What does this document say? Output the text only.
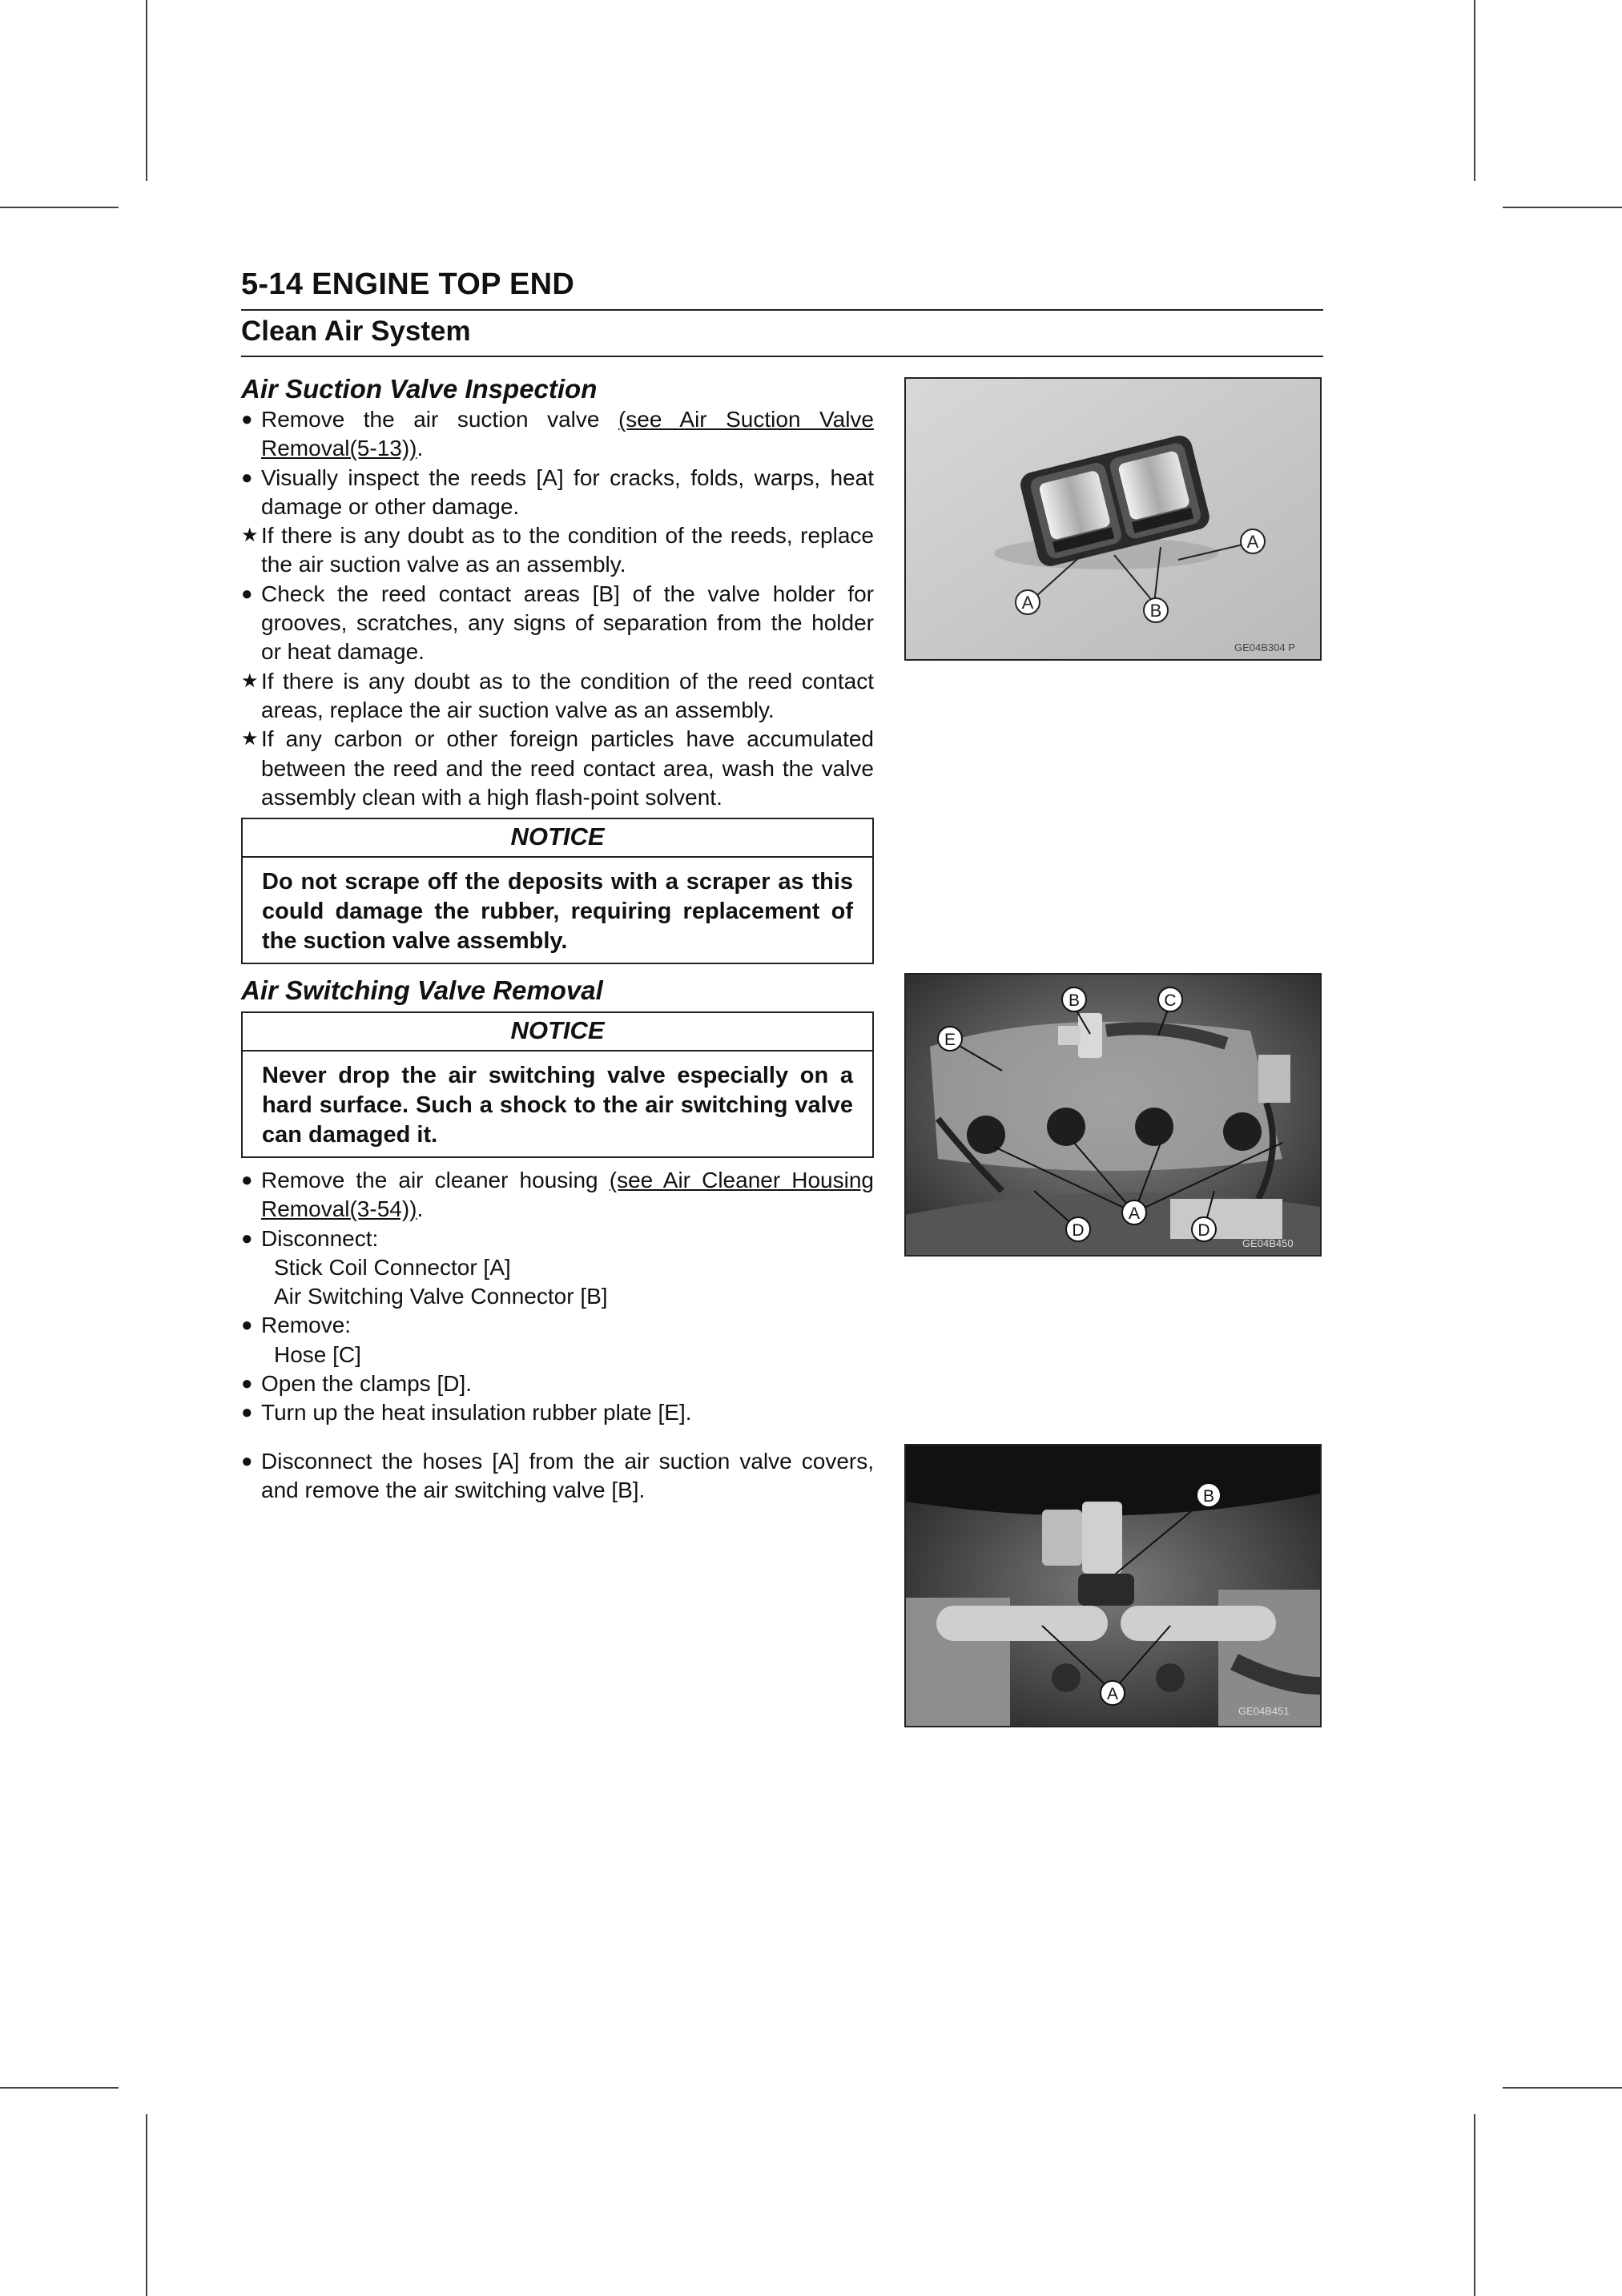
5-14 ENGINE TOP END
Clean Air System
Air Suction Valve Inspection

● Remove the air suction valve (see Air Suction Valve Removal(5-13)).

● Visually inspect the reeds [A] for cracks, folds, warps, heat damage or other damage.

★ If there is any doubt as to the condition of the reeds, replace the air suction valve as an assembly.

● Check the reed contact areas [B] of the valve holder for grooves, scratches, any signs of separation from the holder or heat damage.

★ If there is any doubt as to the condition of the reed contact areas, replace the air suction valve as an assembly.

★ If any carbon or other foreign particles have accumulated between the reed and the reed contact area, wash the valve assembly clean with a high flash-point solvent.

NOTICE
Do not scrape off the deposits with a scraper as this could damage the rubber, requiring replacement of the suction valve assembly.
Air Switching Valve Removal
NOTICE
Never drop the air switching valve especially on a hard surface. Such a shock to the air switching valve can damaged it.

● Remove the air cleaner housing (see Air Cleaner Housing Removal(3-54)).

● Disconnect:

Stick Coil Connector [A]

Air Switching Valve Connector [B]

● Remove:

Hose [C]

● Open the clamps [D].

● Turn up the heat insulation rubber plate [E].

● Disconnect the hoses [A] from the air suction valve covers, and remove the air switching valve [B].

A	B
A
GE04B304 P
B	C
E
A
D	D
GE04B450
B
A
GE04B451
